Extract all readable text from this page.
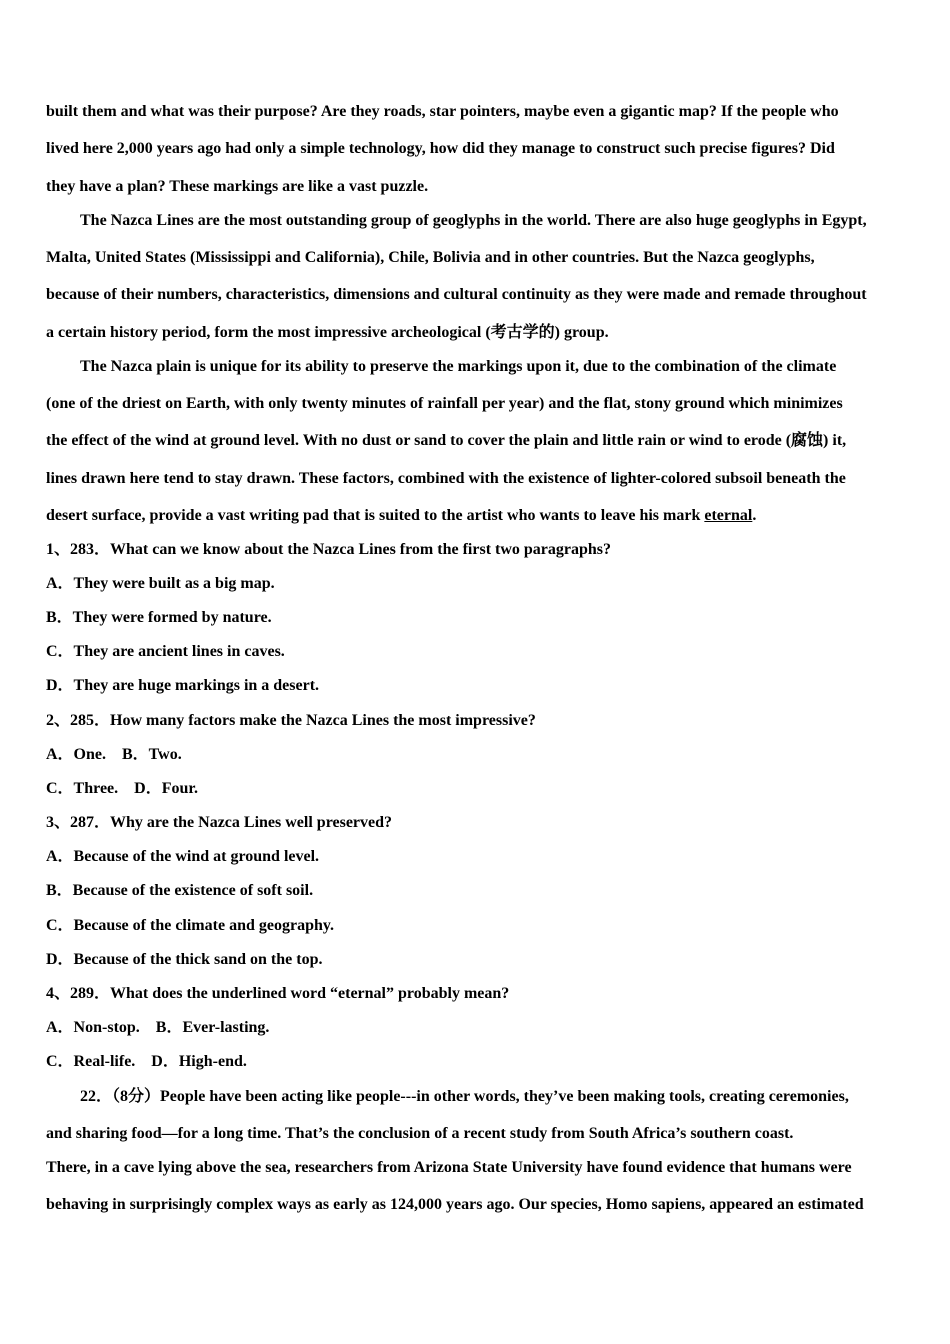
built them and what was their purpose? Are they roads, star pointers, maybe even a gigantic map? If the people who
lived here 2,000 years ago had only a simple technology, how did they manage to construct such precise figures? Did
they have a plan? These markings are like a vast puzzle.
The Nazca Lines are the most outstanding group of geoglyphs in the world. There are also huge geoglyphs in Egypt,
Malta, United States (Mississippi and California), Chile, Bolivia and in other countries. But the Nazca geoglyphs,
because of their numbers, characteristics, dimensions and cultural continuity as they were made and remade throughout
a certain history period, form the most impressive archeological (考古学的) group.
The Nazca plain is unique for its ability to preserve the markings upon it, due to the combination of the climate
(one of the driest on Earth, with only twenty minutes of rainfall per year) and the flat, stony ground which minimizes
the effect of the wind at ground level. With no dust or sand to cover the plain and little rain or wind to erode (腐蚀) it,
lines drawn here tend to stay drawn. These factors, combined with the existence of lighter-colored subsoil beneath the
desert surface, provide a vast writing pad that is suited to the artist who wants to leave his mark eternal.
1、283．What can we know about the Nazca Lines from the first two paragraphs?
A．They were built as a big map.
B．They were formed by nature.
C．They are ancient lines in caves.
D．They are huge markings in a desert.
2、285．How many factors make the Nazca Lines the most impressive?
A．One.    B．Two.
C．Three.    D．Four.
3、287．Why are the Nazca Lines well preserved?
A．Because of the wind at ground level.
B．Because of the existence of soft soil.
C．Because of the climate and geography.
D．Because of the thick sand on the top.
4、289．What does the underlined word “eternal” probably mean?
A．Non-stop.    B．Ever-lasting.
C．Real-life.    D．High-end.
22．（8分）People have been acting like people---in other words, they’ve been making tools, creating ceremonies,
and sharing food—for a long time. That’s the conclusion of a recent study from South Africa’s southern coast.
There, in a cave lying above the sea, researchers from Arizona State University have found evidence that humans were
behaving in surprisingly complex ways as early as 124,000 years ago. Our species, Homo sapiens, appeared an estimated
